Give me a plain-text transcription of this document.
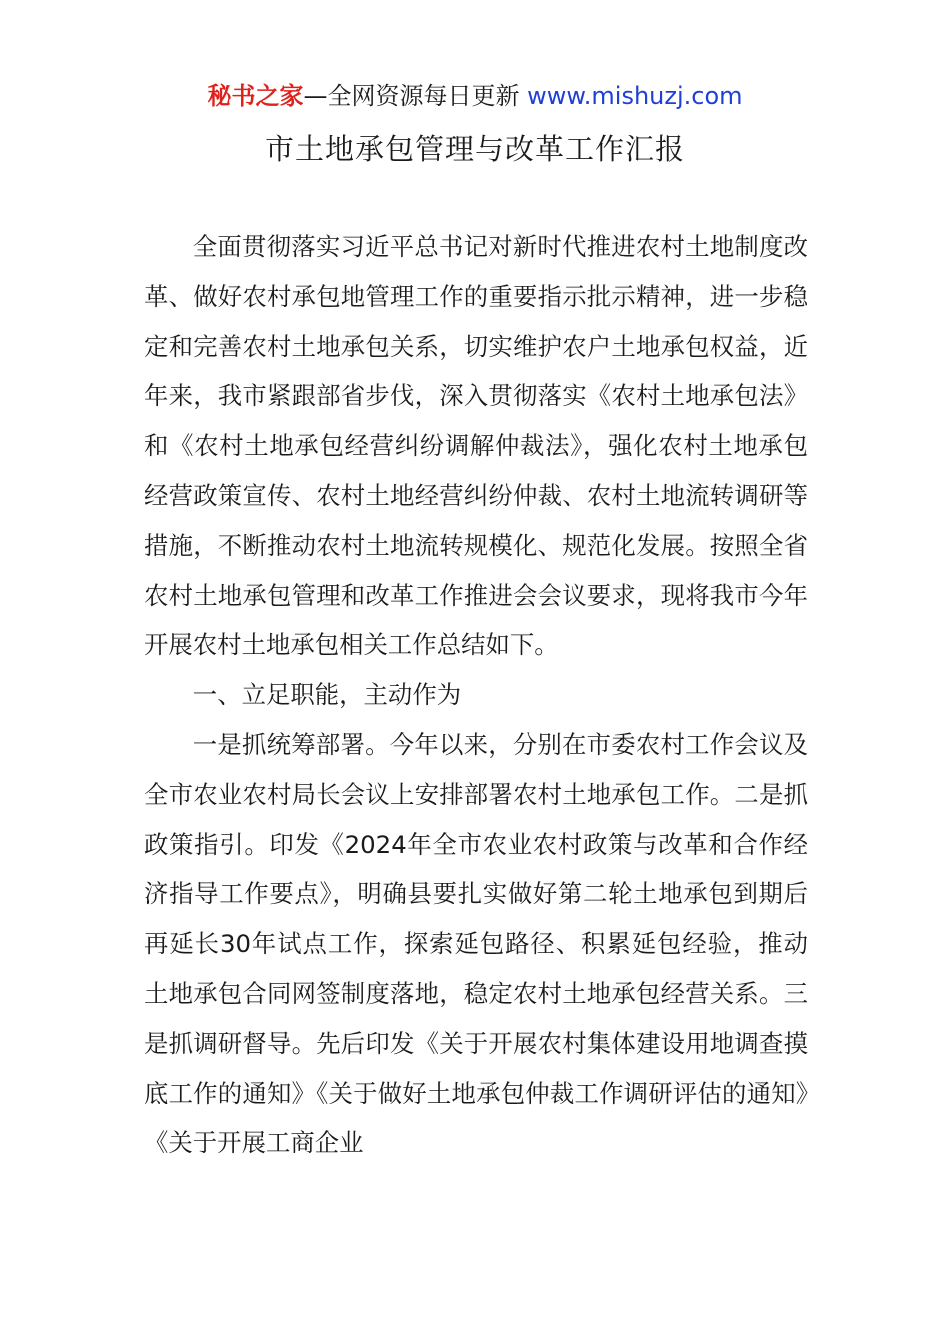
秘书之家—全网资源每日更新 www.mishuzj.com
市土地承包管理与改革工作汇报

全面贯彻落实习近平总书记对新时代推进农村土地制度改革、做好农村承包地管理工作的重要指示批示精神，进一步稳定和完善农村土地承包关系，切实维护农户土地承包权益，近年来，我市紧跟部省步伐，深入贯彻落实《农村土地承包法》和《农村土地承包经营纠纷调解仲裁法》，强化农村土地承包经营政策宣传、农村土地经营纠纷仲裁、农村土地流转调研等措施，不断推动农村土地流转规模化、规范化发展。按照全省农村土地承包管理和改革工作推进会会议要求，现将我市今年开展农村土地承包相关工作总结如下。

一、立足职能，主动作为

一是抓统筹部署。今年以来，分别在市委农村工作会议及全市农业农村局长会议上安排部署农村土地承包工作。二是抓政策指引。印发《2024年全市农业农村政策与改革和合作经济指导工作要点》，明确县要扎实做好第二轮土地承包到期后再延长30年试点工作，探索延包路径、积累延包经验，推动土地承包合同网签制度落地，稳定农村土地承包经营关系。三是抓调研督导。先后印发《关于开展农村集体建设用地调查摸底工作的通知》《关于做好土地承包仲裁工作调研评估的通知》《关于开展工商企业
